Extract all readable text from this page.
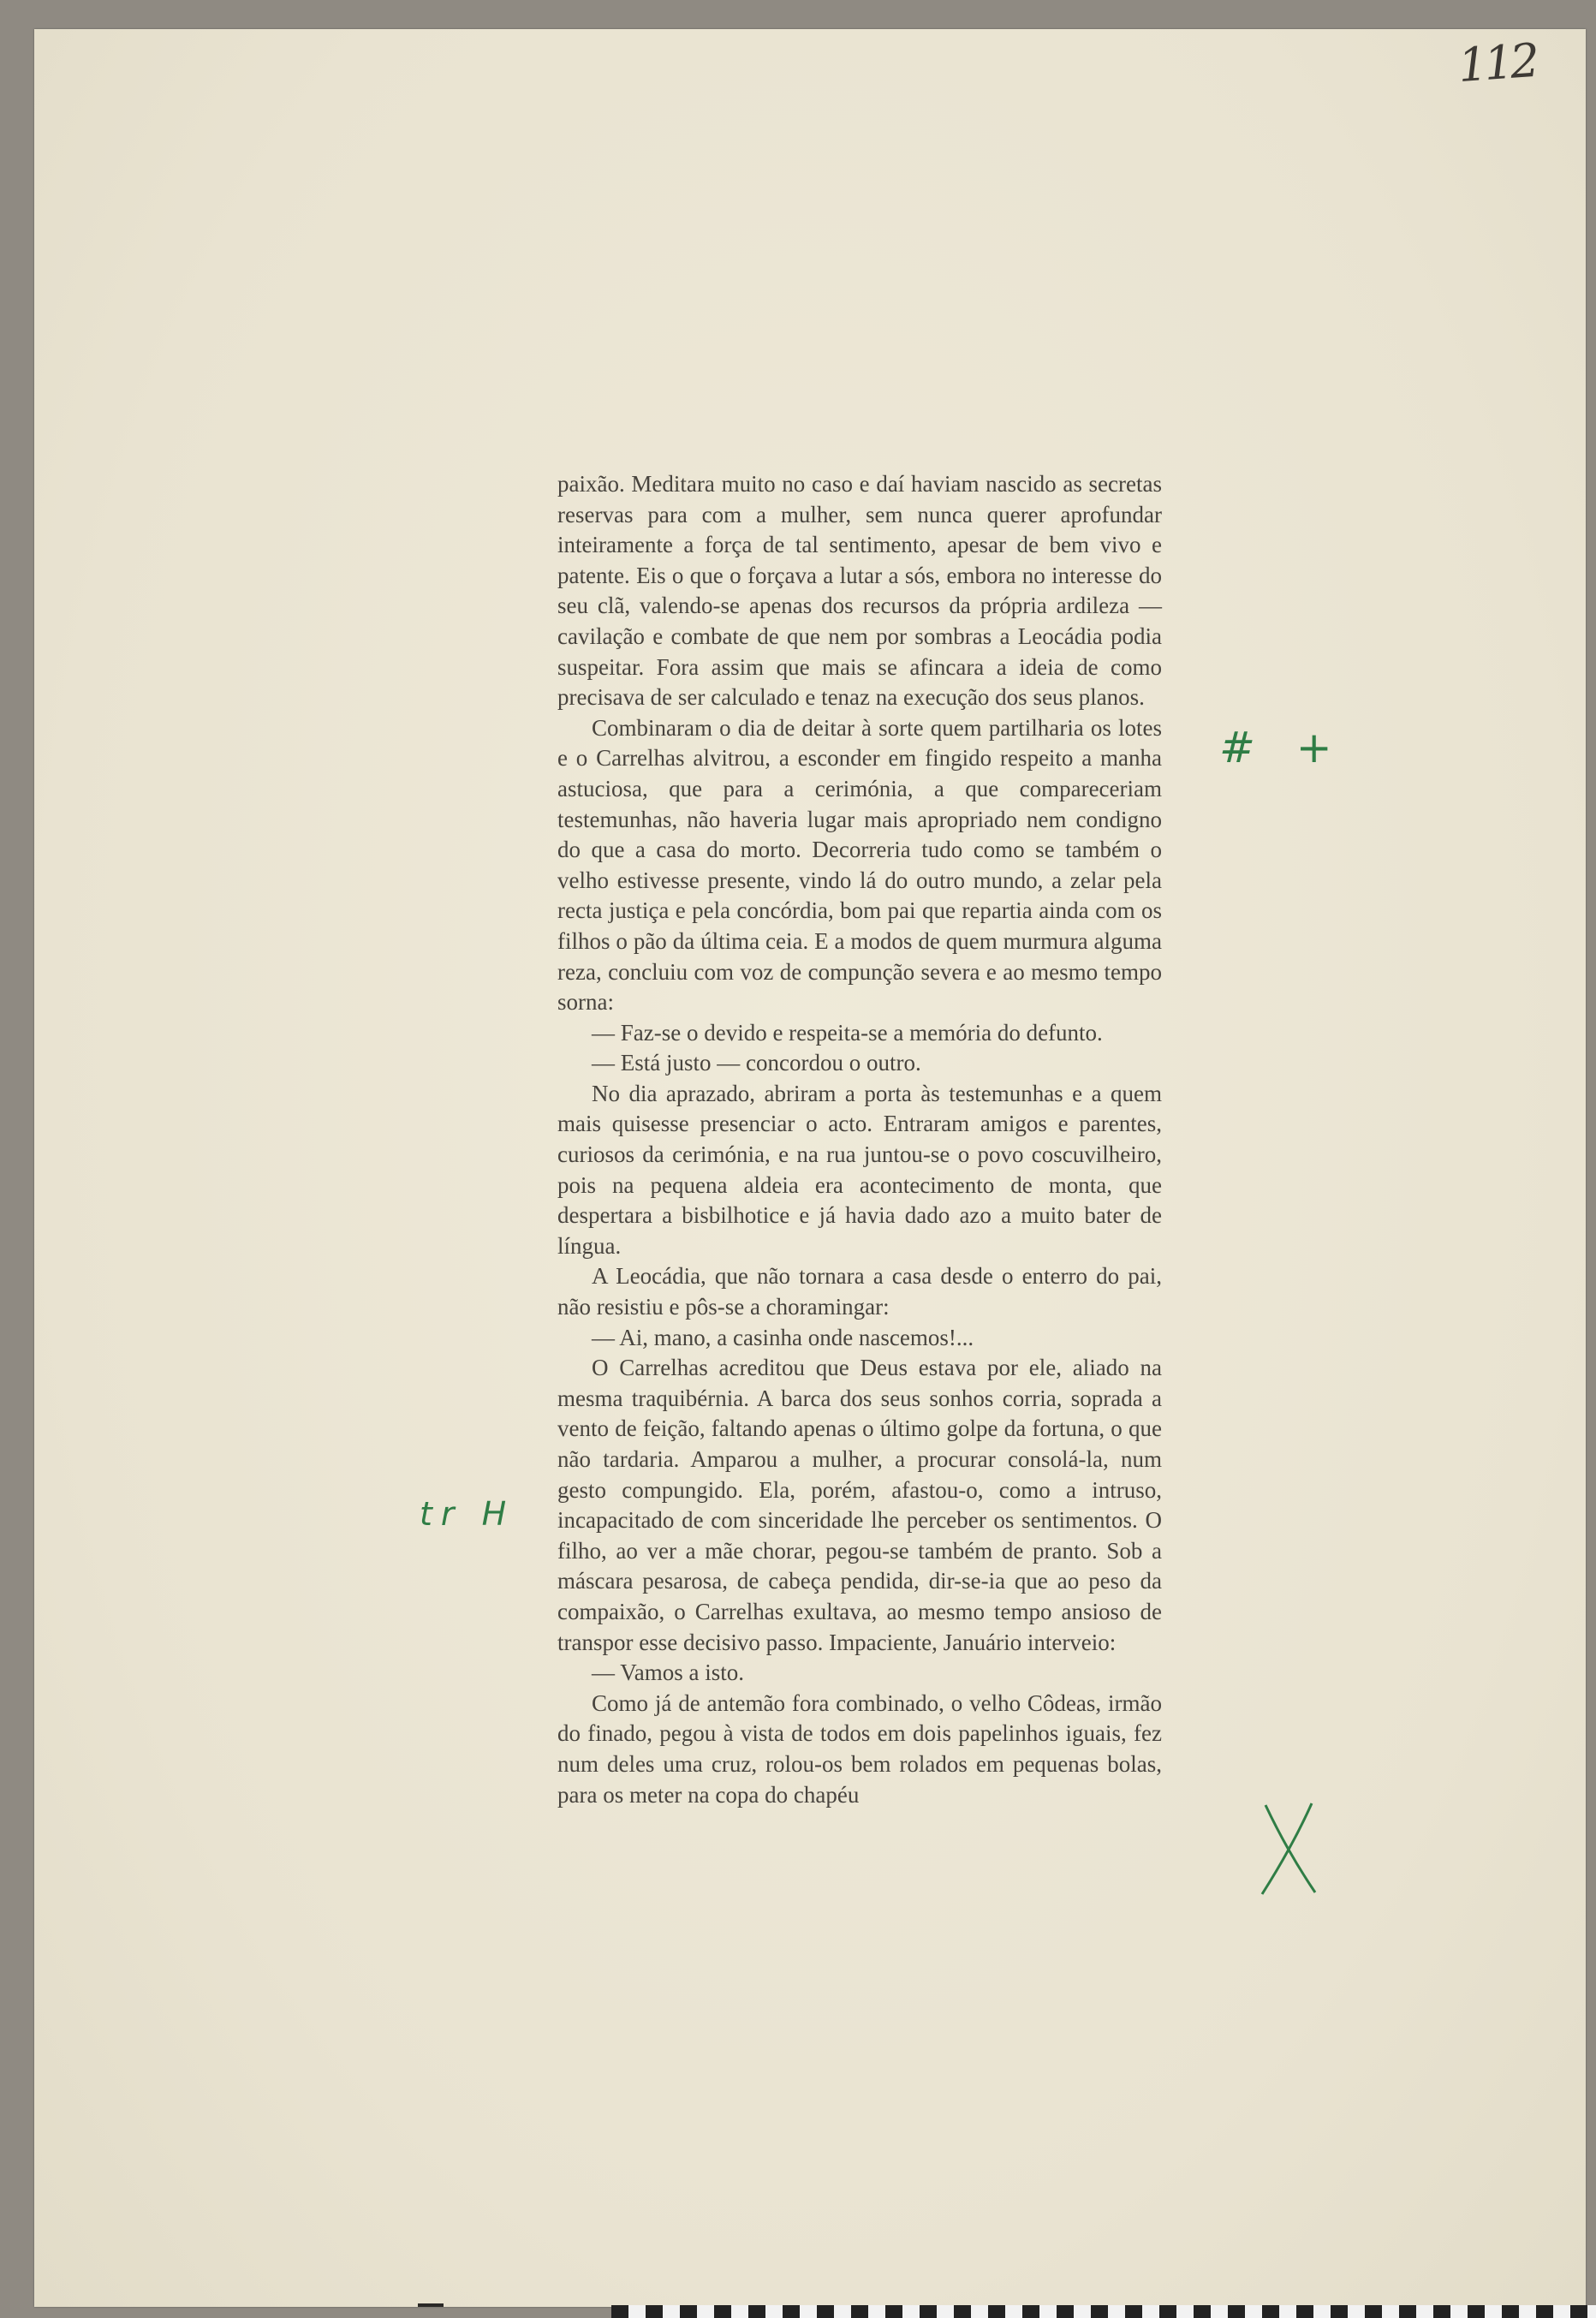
112

paixão. Meditara muito no caso e daí haviam nascido as secretas reservas para com a mulher, sem nunca querer aprofundar inteiramente a força de tal sentimento, apesar de bem vivo e patente. Eis o que o forçava a lutar a sós, embora no interesse do seu clã, valendo-se apenas dos recursos da própria ardileza — cavilação e combate de que nem por sombras a Leocádia podia suspeitar. Fora assim que mais se afincara a ideia de como precisava de ser calculado e tenaz na execução dos seus planos.

Combinaram o dia de deitar à sorte quem partilharia os lotes e o Carrelhas alvitrou, a esconder em fingido respeito a manha astuciosa, que para a cerimónia, a que compareceriam testemunhas, não haveria lugar mais apropriado nem condigno do que a casa do morto. Decorreria tudo como se também o velho estivesse presente, vindo lá do outro mundo, a zelar pela recta justiça e pela concórdia, bom pai que repartia ainda com os filhos o pão da última ceia. E a modos de quem murmura alguma reza, concluiu com voz de compunção severa e ao mesmo tempo sorna:

— Faz-se o devido e respeita-se a memória do defunto.

— Está justo — concordou o outro.

No dia aprazado, abriram a porta às testemunhas e a quem mais quisesse presenciar o acto. Entraram amigos e parentes, curiosos da cerimónia, e na rua juntou-se o povo coscuvilheiro, pois na pequena aldeia era acontecimento de monta, que despertara a bisbilhotice e já havia dado azo a muito bater de língua.

A Leocádia, que não tornara a casa desde o enterro do pai, não resistiu e pôs-se a choramingar:

— Ai, mano, a casinha onde nascemos!...

O Carrelhas acreditou que Deus estava por ele, aliado na mesma traquibérnia. A barca dos seus sonhos corria, soprada a vento de feição, faltando apenas o último golpe da fortuna, o que não tardaria. Amparou a mulher, a procurar consolá-la, num gesto compungido. Ela, porém, afastou-o, como a intruso, incapacitado de com sinceridade lhe perceber os sentimentos. O filho, ao ver a mãe chorar, pegou-se também de pranto. Sob a máscara pesarosa, de cabeça pendida, dir-se-ia que ao peso da compaixão, o Carrelhas exultava, ao mesmo tempo ansioso de transpor esse decisivo passo. Impaciente, Januário interveio:

— Vamos a isto.

Como já de antemão fora combinado, o velho Côdeas, irmão do finado, pegou à vista de todos em dois papelinhos iguais, fez num deles uma cruz, rolou-os bem rolados em pequenas bolas, para os meter na copa do chapéu

# +
tr H
